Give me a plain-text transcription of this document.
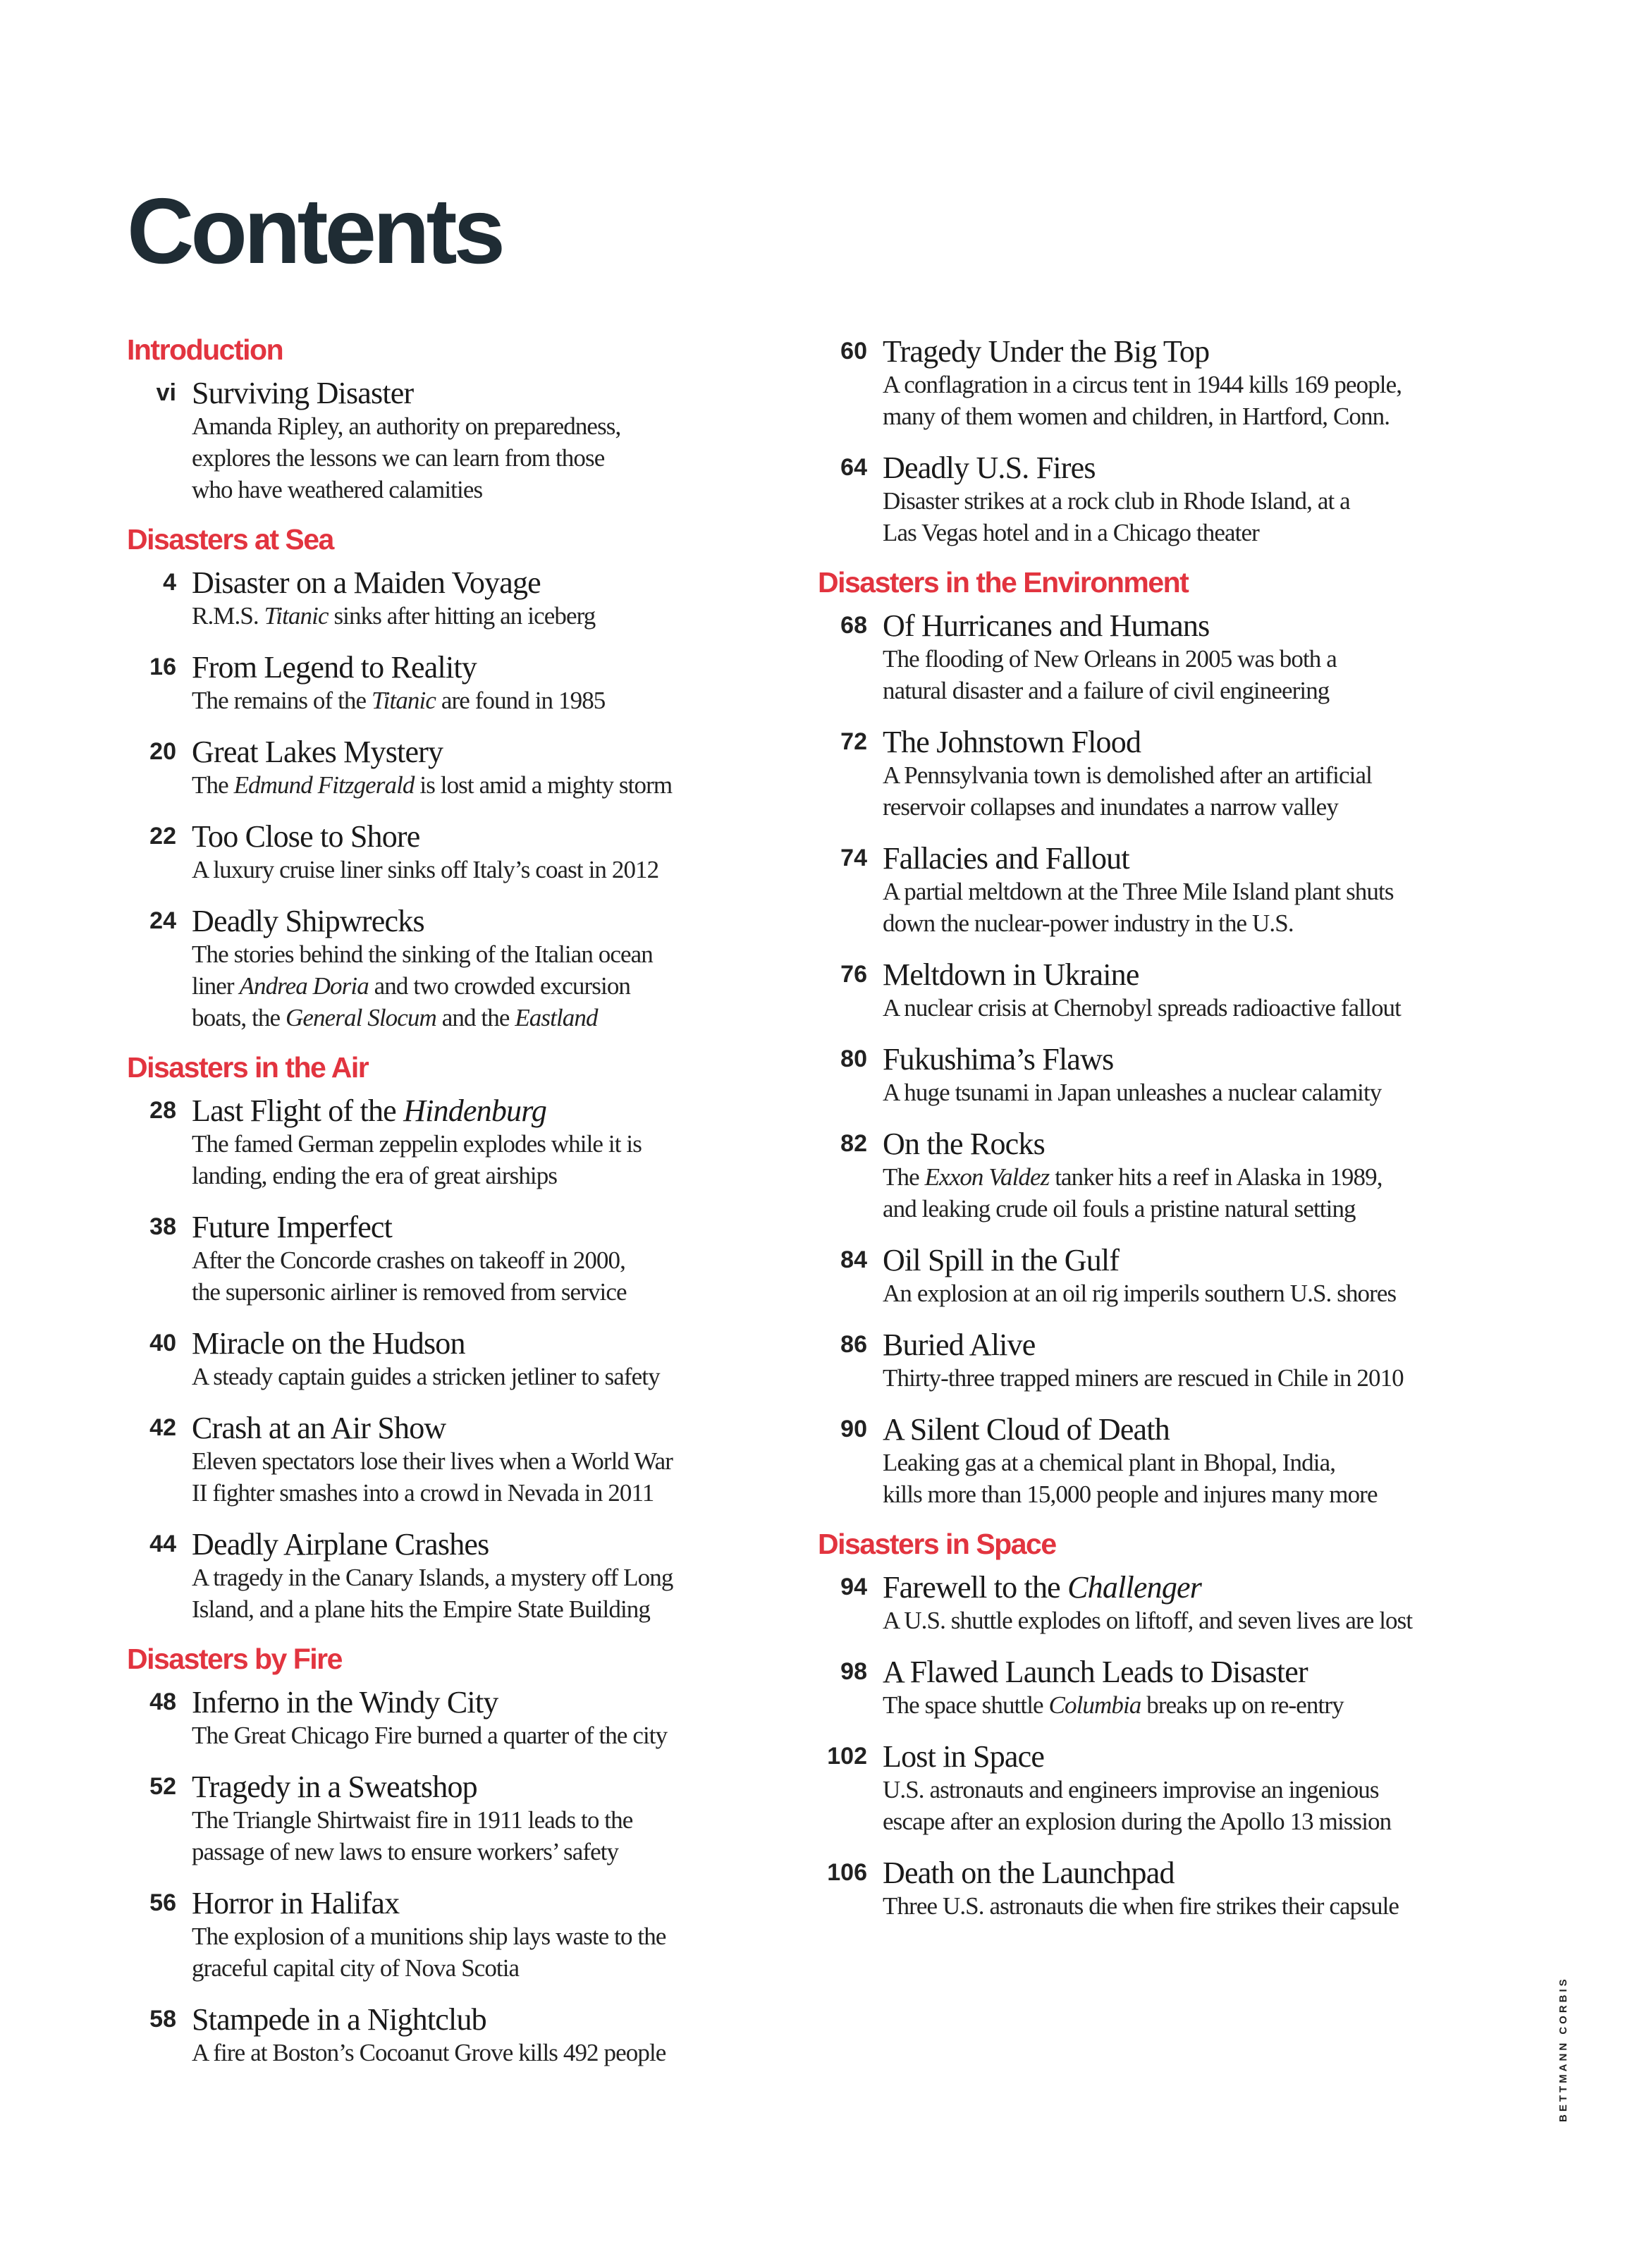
Contents
Introduction
vi Surviving Disaster
Amanda Ripley, an authority on preparedness,
explores the lessons we can learn from those
who have weathered calamities
Disasters at Sea
4 Disaster on a Maiden Voyage
R.M.S. Titanic sinks after hitting an iceberg
16 From Legend to Reality
The remains of the Titanic are found in 1985
20 Great Lakes Mystery
The Edmund Fitzgerald is lost amid a mighty storm
22 Too Close to Shore
A luxury cruise liner sinks off Italy’s coast in 2012
24 Deadly Shipwrecks
The stories behind the sinking of the Italian ocean
liner Andrea Doria and two crowded excursion
boats, the General Slocum and the Eastland
Disasters in the Air
28 Last Flight of the Hindenburg
The famed German zeppelin explodes while it is
landing, ending the era of great airships
38 Future Imperfect
After the Concorde crashes on takeoff in 2000,
the supersonic airliner is removed from service
40 Miracle on the Hudson
A steady captain guides a stricken jetliner to safety
42 Crash at an Air Show
Eleven spectators lose their lives when a World War
II fighter smashes into a crowd in Nevada in 2011
44 Deadly Airplane Crashes
A tragedy in the Canary Islands, a mystery off Long
Island, and a plane hits the Empire State Building
Disasters by Fire
48 Inferno in the Windy City
The Great Chicago Fire burned a quarter of the city
52 Tragedy in a Sweatshop
The Triangle Shirtwaist fire in 1911 leads to the
passage of new laws to ensure workers’ safety
56 Horror in Halifax
The explosion of a munitions ship lays waste to the
graceful capital city of Nova Scotia
58 Stampede in a Nightclub
A fire at Boston’s Cocoanut Grove kills 492 people
60 Tragedy Under the Big Top
A conflagration in a circus tent in 1944 kills 169 people,
many of them women and children, in Hartford, Conn.
64 Deadly U.S. Fires
Disaster strikes at a rock club in Rhode Island, at a
Las Vegas hotel and in a Chicago theater
Disasters in the Environment
68 Of Hurricanes and Humans
The flooding of New Orleans in 2005 was both a
natural disaster and a failure of civil engineering
72 The Johnstown Flood
A Pennsylvania town is demolished after an artificial
reservoir collapses and inundates a narrow valley
74 Fallacies and Fallout
A partial meltdown at the Three Mile Island plant shuts
down the nuclear-power industry in the U.S.
76 Meltdown in Ukraine
A nuclear crisis at Chernobyl spreads radioactive fallout
80 Fukushima’s Flaws
A huge tsunami in Japan unleashes a nuclear calamity
82 On the Rocks
The Exxon Valdez tanker hits a reef in Alaska in 1989,
and leaking crude oil fouls a pristine natural setting
84 Oil Spill in the Gulf
An explosion at an oil rig imperils southern U.S. shores
86 Buried Alive
Thirty-three trapped miners are rescued in Chile in 2010
90 A Silent Cloud of Death
Leaking gas at a chemical plant in Bhopal, India,
kills more than 15,000 people and injures many more
Disasters in Space
94 Farewell to the Challenger
A U.S. shuttle explodes on liftoff, and seven lives are lost
98 A Flawed Launch Leads to Disaster
The space shuttle Columbia breaks up on re-entry
102 Lost in Space
U.S. astronauts and engineers improvise an ingenious
escape after an explosion during the Apollo 13 mission
106 Death on the Launchpad
Three U.S. astronauts die when fire strikes their capsule
BETTMANN CORBIS
